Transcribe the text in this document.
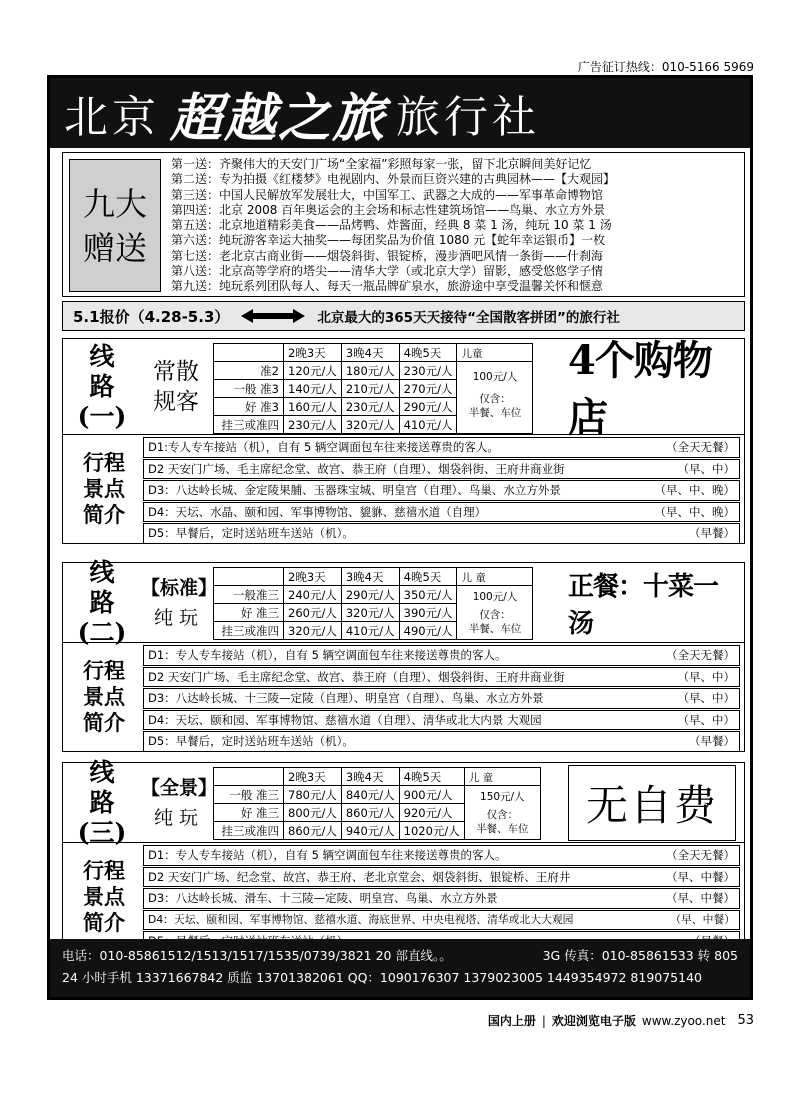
广告征订热线：010-5166 5969
北京 超越之旅 旅行社
九大
赠送
第一送：齐聚伟大的天安门广场“全家福”彩照每家一张，留下北京瞬间美好记忆
第二送：专为拍摄《红楼梦》电视剧内、外景而巨资兴建的古典园林——【大观园】
第三送：中国人民解放军发展壮大，中国军工、武器之大成的——军事革命博物馆
第四送：北京 2008 百年奥运会的主会场和标志性建筑场馆——鸟巢、水立方外景
第五送：北京地道精彩美食——品烤鸭、炸酱面，经典 8 菜 1 汤，纯玩 10 菜 1 汤
第六送：纯玩游客幸运大抽奖——每团奖品为价值 1080 元【蛇年幸运银币】一枚
第七送：老北京古商业街——烟袋斜街、银锭桥，漫步酒吧风情一条街——什刹海
第八送：北京高等学府的塔尖——清华大学（或北京大学）留影，感受悠悠学子情
第九送：纯玩系列团队每人、每天一瓶品牌矿泉水，旅游途中享受温馨关怀和惬意
5.1报价（4.28-5.3）	北京最大的365天天接待“全国散客拼团”的旅行社
线
路
(一)
常散
规客
	2晚3天	3晚4天	4晚5天	儿童
准2	120元/人	180元/人	230元/人	100元/人
仅含：
半餐、车位

一般 准3	140元/人	210元/人	270元/人	
好 准3	160元/人	230元/人	290元/人	
挂三或准四	230元/人	320元/人	410元/人	
4个购物店
行程
景点
简介
D1:专人专车接站（机），自有 5 辆空调面包车往来接送尊贵的客人。	（全天无餐）
D2 天安门广场、毛主席纪念堂、故宫、恭王府（自理）、烟袋斜街、王府井商业街	（早、中）
D3：八达岭长城、金定陵果脯、玉器珠宝城、明皇宫（自理）、鸟巢、水立方外景	（早、中、晚）
D4：天坛、水晶、颐和园、军事博物馆、貔貅、慈禧水道（自理）	（早、中、晚）
D5：早餐后，定时送站班车送站（机）。	（早餐）
线
路
(二)
【标准】
纯 玩
	2晚3天	3晚4天	4晚5天	儿 童
一般准三	240元/人	290元/人	350元/人	100元/人
仅含：
半餐、车位

好 准三	260元/人	320元/人	390元/人	
挂三或准四	320元/人	410元/人	490元/人	
正餐：十菜一汤
行程
景点
简介
D1：专人专车接站（机），自有 5 辆空调面包车往来接送尊贵的客人。	（全天无餐）
D2 天安门广场、毛主席纪念堂、故宫、恭王府（自理）、烟袋斜街、王府井商业街	（早、中）
D3：八达岭长城、十三陵—定陵（自理）、明皇宫（自理）、鸟巢、水立方外景	（早、中）
D4：天坛、颐和园、军事博物馆、慈禧水道（自理）、清华或北大内景 大观园	（早、中）
D5：早餐后，定时送站班车送站（机）。	（早餐）
线
路
(三)
【全景】
纯 玩
	2晚3天	3晚4天	4晚5天	儿 童
一般 准三	780元/人	840元/人	900元/人	150元/人
仅含：
半餐、车位

好 准三	800元/人	860元/人	920元/人	
挂三或准四	860元/人	940元/人	1020元/人	
无自费
行程
景点
简介
D1：专人专车接站（机），自有 5 辆空调面包车往来接送尊贵的客人。	（全天无餐）
D2 天安门广场、纪念堂、故宫、恭王府、老北京堂会、烟袋斜街、银锭桥、王府井	（早、中餐）
D3：八达岭长城、滑车、十三陵—定陵、明皇宫、鸟巢、水立方外景	（早、中餐）
D4：天坛、颐和园、军事博物馆、慈禧水道、海底世界、中央电视塔、清华或北大大观园	（早、中餐）
电话：010-85861512/1513/1517/1535/0739/3821 20 部直线。。	3G 传真：010-85861533 转 805
24 小时手机 13371667842 质监 13701382061 QQ：1090176307 1379023005 1449354972 819075140
国内上册 | 欢迎浏览电子版 www.zyoo.net 53
